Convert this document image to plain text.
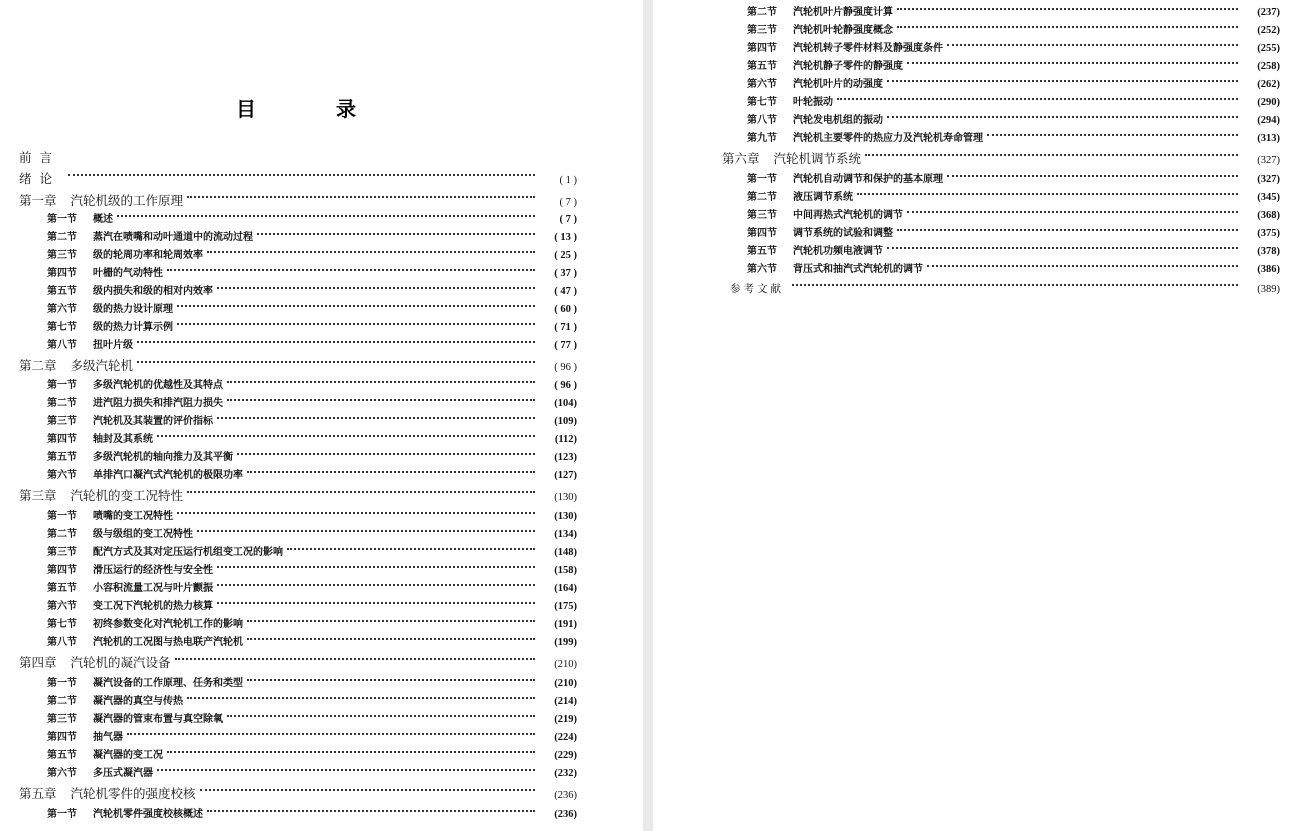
目	录
前言
绪论	( 1 )
第一章	汽轮机级的工作原理	( 7 )
第一节	概述	( 7 )
第二节	蒸汽在喷嘴和动叶通道中的流动过程	( 13 )
第三节	级的轮周功率和轮周效率	( 25 )
第四节	叶栅的气动特性	( 37 )
第五节	级内损失和级的相对内效率	( 47 )
第六节	级的热力设计原理	( 60 )
第七节	级的热力计算示例	( 71 )
第八节	扭叶片级	( 77 )
第二章	多级汽轮机	( 96 )
第一节	多级汽轮机的优越性及其特点	( 96 )
第二节	进汽阻力损失和排汽阻力损失	(104)
第三节	汽轮机及其装置的评价指标	(109)
第四节	轴封及其系统	(112)
第五节	多级汽轮机的轴向推力及其平衡	(123)
第六节	单排汽口凝汽式汽轮机的极限功率	(127)
第三章	汽轮机的变工况特性	(130)
第一节	喷嘴的变工况特性	(130)
第二节	级与级组的变工况特性	(134)
第三节	配汽方式及其对定压运行机组变工况的影响	(148)
第四节	滑压运行的经济性与安全性	(158)
第五节	小容积流量工况与叶片颤振	(164)
第六节	变工况下汽轮机的热力核算	(175)
第七节	初终参数变化对汽轮机工作的影响	(191)
第八节	汽轮机的工况图与热电联产汽轮机	(199)
第四章	汽轮机的凝汽设备	(210)
第一节	凝汽设备的工作原理、任务和类型	(210)
第二节	凝汽器的真空与传热	(214)
第三节	凝汽器的管束布置与真空除氧	(219)
第四节	抽气器	(224)
第五节	凝汽器的变工况	(229)
第六节	多压式凝汽器	(232)
第五章	汽轮机零件的强度校核	(236)
第一节	汽轮机零件强度校核概述	(236)
第二节	汽轮机叶片静强度计算	(237)
第三节	汽轮机叶轮静强度概念	(252)
第四节	汽轮机转子零件材料及静强度条件	(255)
第五节	汽轮机静子零件的静强度	(258)
第六节	汽轮机叶片的动强度	(262)
第七节	叶轮振动	(290)
第八节	汽轮发电机组的振动	(294)
第九节	汽轮机主要零件的热应力及汽轮机寿命管理	(313)
第六章	汽轮机调节系统	(327)
第一节	汽轮机自动调节和保护的基本原理	(327)
第二节	液压调节系统	(345)
第三节	中间再热式汽轮机的调节	(368)
第四节	调节系统的试验和调整	(375)
第五节	汽轮机功频电液调节	(378)
第六节	背压式和抽汽式汽轮机的调节	(386)
参考文献	(389)
